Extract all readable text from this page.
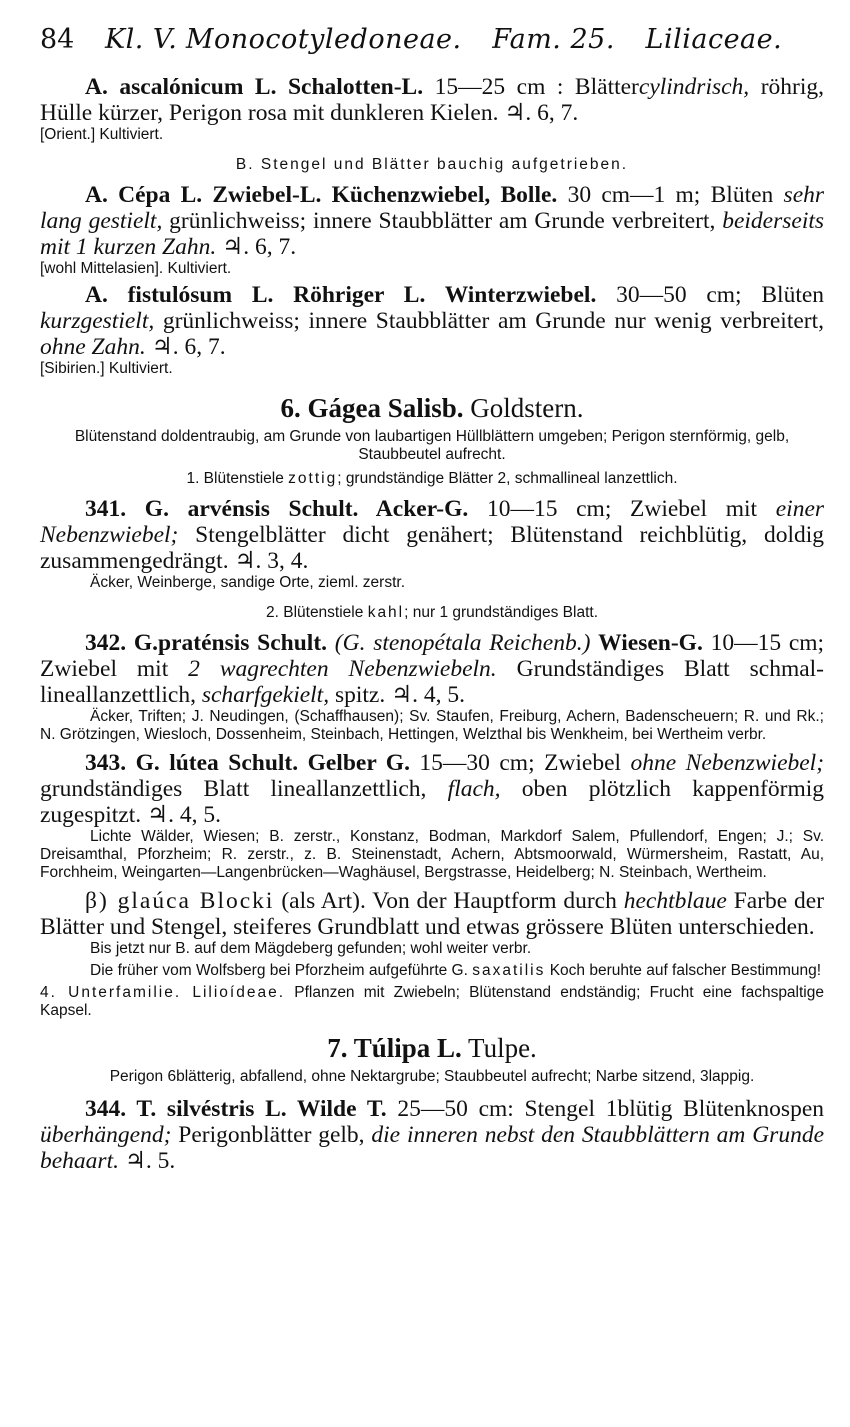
84 Kl. V. Monocotyledoneae. Fam. 25. Liliaceae.

A. ascalónicum L. Schalotten-L. 15—25 cm : Blättercylindrisch, röhrig, Hülle kürzer, Perigon rosa mit dunkleren Kielen. ♃. 6, 7.

[Orient.] Kultiviert.

B. Stengel und Blätter bauchig aufgetrieben.

A. Cépa L. Zwiebel-L. Küchenzwiebel, Bolle. 30 cm—1 m; Blüten sehr lang gestielt, grünlichweiss; innere Staubblätter am Grunde verbreitert, beiderseits mit 1 kurzen Zahn. ♃. 6, 7.

[wohl Mittelasien]. Kultiviert.

A. fistulósum L. Röhriger L. Winterzwiebel. 30—50 cm; Blüten kurzgestielt, grünlichweiss; innere Staubblätter am Grunde nur wenig verbreitert, ohne Zahn. ♃. 6, 7.

[Sibirien.] Kultiviert.

6. Gágea Salisb. Goldstern.

Blütenstand doldentraubig, am Grunde von laubartigen Hüllblättern umgeben; Perigon sternförmig, gelb, Staubbeutel aufrecht.

1. Blütenstiele zottig; grundständige Blätter 2, schmallineal lanzettlich.

341. G. arvénsis Schult. Acker-G. 10—15 cm; Zwiebel mit einer Nebenzwiebel; Stengelblätter dicht genähert; Blütenstand reichblütig, doldig zusammengedrängt. ♃. 3, 4.

Äcker, Weinberge, sandige Orte, zieml. zerstr.

2. Blütenstiele kahl; nur 1 grundständiges Blatt.

342. G.praténsis Schult. (G. stenopétala Reichenb.) Wiesen-G. 10—15 cm; Zwiebel mit 2 wagrechten Nebenzwiebeln. Grundständiges Blatt schmal-lineallanzettlich, scharfgekielt, spitz. ♃. 4, 5.

Äcker, Triften; J. Neudingen, (Schaffhausen); Sv. Staufen, Freiburg, Achern, Badenscheuern; R. und Rk.; N. Grötzingen, Wiesloch, Dossenheim, Steinbach, Hettingen, Welzthal bis Wenkheim, bei Wertheim verbr.

343. G. lútea Schult. Gelber G. 15—30 cm; Zwiebel ohne Nebenzwiebel; grundständiges Blatt lineallanzettlich, flach, oben plötzlich kappenförmig zugespitzt. ♃. 4, 5.

Lichte Wälder, Wiesen; B. zerstr., Konstanz, Bodman, Markdorf Salem, Pfullendorf, Engen; J.; Sv. Dreisamthal, Pforzheim; R. zerstr., z. B. Steinenstadt, Achern, Abtsmoorwald, Würmersheim, Rastatt, Au, Forchheim, Weingarten—Langenbrücken—Waghäusel, Bergstrasse, Heidelberg; N. Steinbach, Wertheim.

β) glaúca Blocki (als Art). Von der Hauptform durch hechtblaue Farbe der Blätter und Stengel, steiferes Grundblatt und etwas grössere Blüten unterschieden.

Bis jetzt nur B. auf dem Mägdeberg gefunden; wohl weiter verbr.

Die früher vom Wolfsberg bei Pforzheim aufgeführte G. saxatilis Koch beruhte auf falscher Bestimmung!

4. Unterfamilie. Lilioídeae. Pflanzen mit Zwiebeln; Blütenstand endständig; Frucht eine fachspaltige Kapsel.

7. Túlipa L. Tulpe.

Perigon 6blätterig, abfallend, ohne Nektargrube; Staubbeutel aufrecht; Narbe sitzend, 3lappig.

344. T. silvéstris L. Wilde T. 25—50 cm: Stengel 1blütig Blütenknospen überhängend; Perigonblätter gelb, die inneren nebst den Staubblättern am Grunde behaart. ♃. 5.
